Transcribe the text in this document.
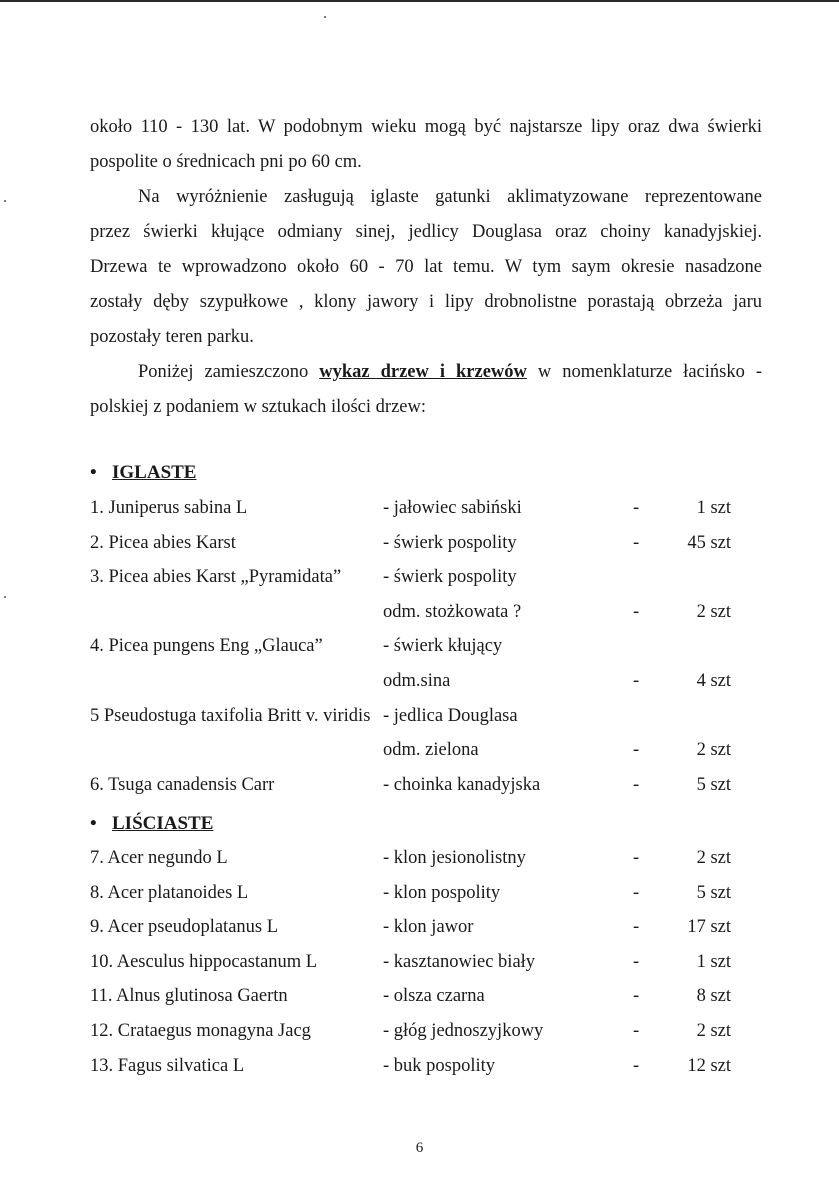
około 110 - 130 lat. W podobnym wieku mogą być najstarsze lipy oraz dwa świerki
pospolite o średnicach pni po 60 cm.
Na wyróżnienie zasługują iglaste gatunki aklimatyzowane reprezentowane
przez świerki kłujące odmiany sinej, jedlicy Douglasa oraz choiny kanadyjskiej.
Drzewa te wprowadzono około 60 - 70 lat temu. W tym saym okresie nasadzone
zostały dęby szypułkowe , klony jawory i lipy drobnolistne porastają obrzeża jaru
pozostały teren parku.
Poniżej zamieszczono wykaz drzew i krzewów w nomenklaturze łacińsko -
polskiej z podaniem w sztukach ilości drzew:
• IGLASTE
1. Juniperus sabina L	- jałowiec sabiński	-	1 szt
2. Picea abies Karst	- świerk pospolity	-	45 szt
3. Picea abies Karst „Pyramidata” - świerk pospolity
odm. stożkowata ?	-	2 szt
4. Picea pungens Eng „Glauca”	- świerk kłujący
odm.sina	-	4 szt
5 Pseudostuga taxifolia Britt v. viridis - jedlica Douglasa
odm. zielona	-	2 szt
6. Tsuga canadensis Carr	- choinka kanadyjska	-	5 szt
• LIŚCIASTE
7. Acer negundo L	- klon jesionolistny	-	2 szt
8. Acer platanoides L	- klon pospolity	-	5 szt
9. Acer pseudoplatanus L	- klon jawor	-	17 szt
10. Aesculus hippocastanum L	- kasztanowiec biały	-	1 szt
11. Alnus glutinosa Gaertn	- olsza czarna	-	8 szt
12. Crataegus monagyna Jacg	- głóg jednoszyjkowy	-	2 szt
13. Fagus silvatica L	- buk pospolity	-	12 szt
6
